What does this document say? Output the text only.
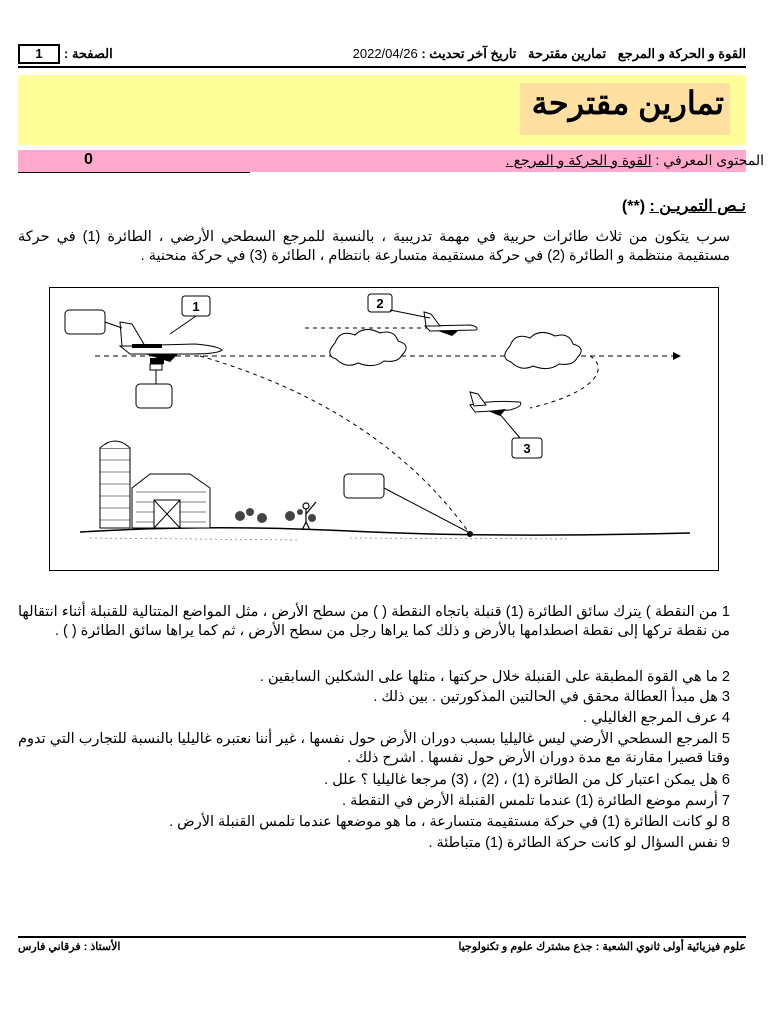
القوة و الحركة و المرجع تمارين مقترحة تاريخ آخر تحديث : 2022/04/26
الصفحة :
1
تمارين مقترحة
المحتوى المعرفي : القوة و الحركة و المرجع .
0
نـص التمريـن : (**)
سرب يتكون من ثلاث طائرات حربية في مهمة تدريبية ، بالنسبة للمرجع السطحي الأرضي ، الطائرة (1) في حركة مستقيمة منتظمة و الطائرة (2) في حركة مستقيمة متسارعة بانتظام ، الطائرة (3) في حركة منحنية .
1	2
3
1 من النقطة ) يترك سائق الطائرة (1) قنبلة باتجاه النقطة ( ) من سطح الأرض ، مثل المواضع المتتالية للقنبلة أثناء انتقالها من نقطة تركها إلى نقطة اصطدامها بالأرض و ذلك كما يراها رجل من سطح الأرض ، ثم كما يراها سائق الطائرة ( ) .
2 ما هي القوة المطبقة على القنبلة خلال حركتها ، مثلها على الشكلين السابقين .
3 هل مبدأ العطالة محقق في الحالتين المذكورتين . بين ذلك .
4 عرف المرجع الغاليلي .
5 المرجع السطحي الأرضي ليس غاليليا بسبب دوران الأرض حول نفسها ، غير أننا نعتبره غاليليا بالنسبة للتجارب التي تدوم وقتا قصيرا مقارنة مع مدة دوران الأرض حول نفسها . اشرح ذلك .
6 هل يمكن اعتبار كل من الطائرة (1) ، (2) ، (3) مرجعا غاليليا ؟ علل .
7 أرسم موضع الطائرة (1) عندما تلمس القنبلة الأرض في النقطة .
8 لو كانت الطائرة (1) في حركة مستقيمة متسارعة ، ما هو موضعها عندما تلمس القنبلة الأرض .
9 نفس السؤال لو كانت حركة الطائرة (1) متباطئة .
علوم فيزيائية أولى ثانوي الشعبة : جذع مشترك علوم و تكنولوجيا
الأستاذ : فرقاني فارس
